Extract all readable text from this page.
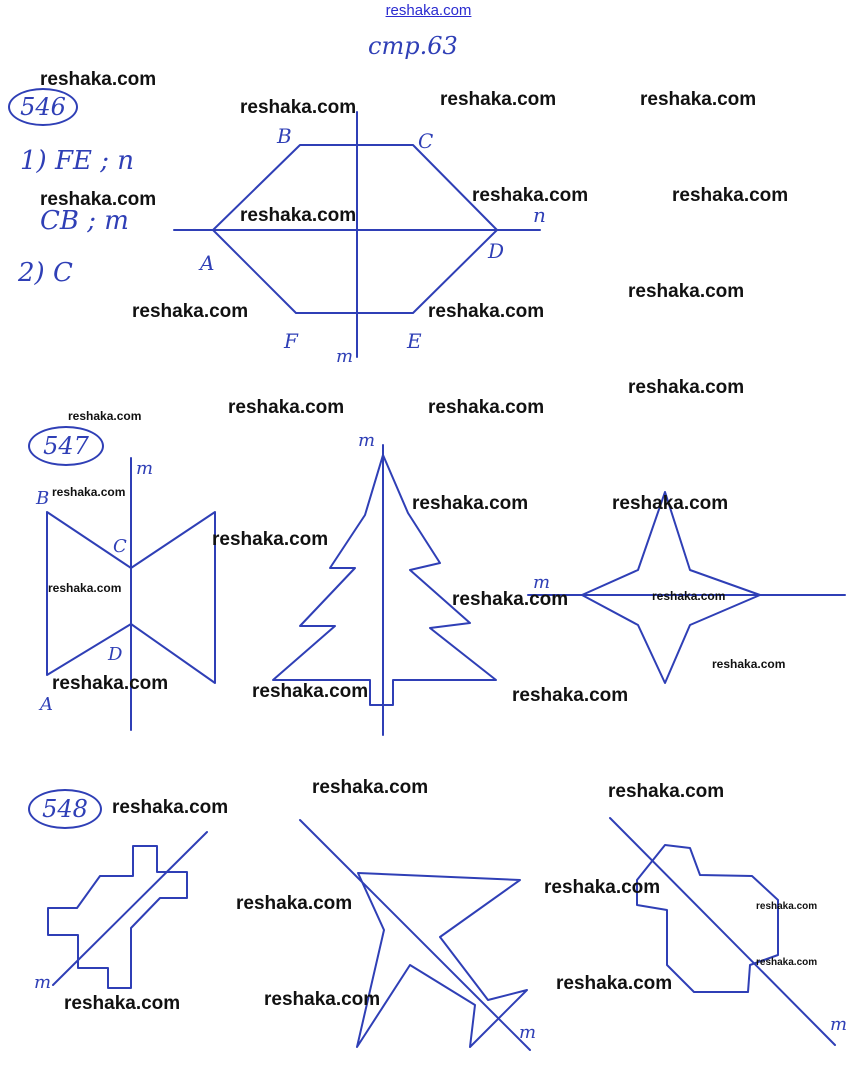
reshaka.com
стр.63
546
547
548
1) FE ; n
CB ; m
2) C
B	C
A
n
D
F
m
E
m
B
C
D
A
m
m
m
m	m
reshaka.com
reshaka.com	reshaka.com	reshaka.com
reshaka.com
reshaka.com
reshaka.com	reshaka.com
reshaka.com
reshaka.com	reshaka.com
reshaka.com
reshaka.com	reshaka.com	reshaka.com
reshaka.com
reshaka.com	reshaka.com
reshaka.com
reshaka.com
reshaka.com	reshaka.com
reshaka.com
reshaka.com	reshaka.com	reshaka.com
reshaka.com	reshaka.com
reshaka.com
reshaka.com
reshaka.com	reshaka.com
reshaka.com
reshaka.com
reshaka.com
reshaka.com
